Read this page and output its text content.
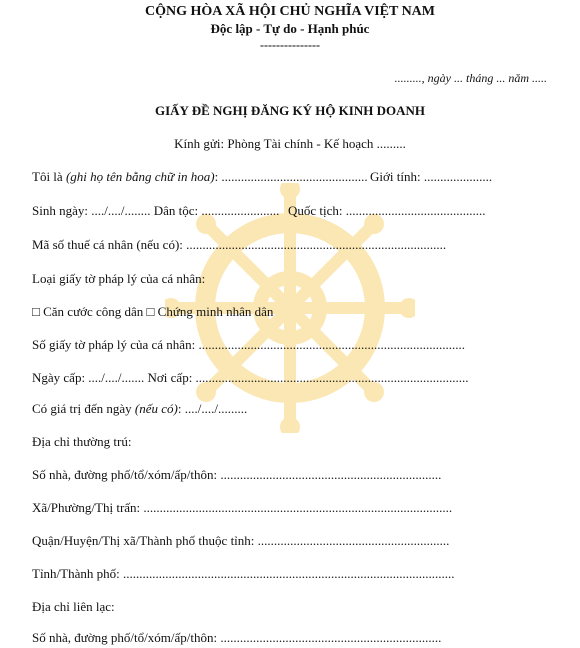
CỘNG HÒA XÃ HỘI CHỦ NGHĨA VIỆT NAM
Độc lập - Tự do - Hạnh phúc
---------------
........., ngày ... tháng ... năm .....
GIẤY ĐỀ NGHỊ ĐĂNG KÝ HỘ KINH DOANH
Kính gửi: Phòng Tài chính - Kế hoạch .........
Tôi là (ghi họ tên bằng chữ in hoa): ............................................. Giới tính: .....................
Sinh ngày: ..../..../........ Dân tộc: ........................ Quốc tịch: ...........................................
Mã số thuế cá nhân (nếu có): ................................................................................
Loại giấy tờ pháp lý của cá nhân:
□ Căn cước công dân □ Chứng minh nhân dân
Số giấy tờ pháp lý của cá nhân: ..................................................................................
Ngày cấp: ..../..../....... Nơi cấp: ....................................................................................
Có giá trị đến ngày (nếu có): ..../..../.........
Địa chỉ thường trú:
Số nhà, đường phố/tổ/xóm/ấp/thôn: ....................................................................
Xã/Phường/Thị trấn: ...............................................................................................
Quận/Huyện/Thị xã/Thành phố thuộc tỉnh: ...........................................................
Tỉnh/Thành phố: ......................................................................................................
Địa chỉ liên lạc:
Số nhà, đường phố/tổ/xóm/ấp/thôn: ....................................................................
